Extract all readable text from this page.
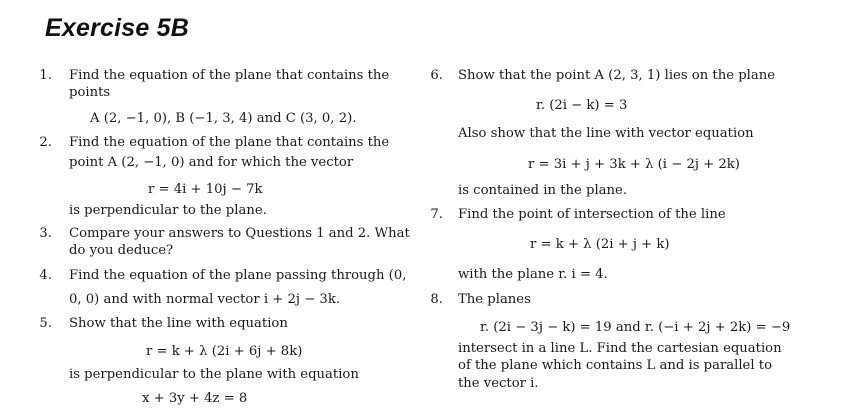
Exercise 5B
1. Find the equation of the plane that contains the
points
A (2, −1, 0), B (−1, 3, 4) and C (3, 0, 2).
2. Find the equation of the plane that contains the
point A (2, −1, 0) and for which the vector
r = 4i + 10j − 7k
is perpendicular to the plane.
3. Compare your answers to Questions 1 and 2. What
do you deduce?
4. Find the equation of the plane passing through (0,
0, 0) and with normal vector i + 2j − 3k.
5. Show that the line with equation
r = k + λ (2i + 6j + 8k)
is perpendicular to the plane with equation
x + 3y + 4z = 8
6. Show that the point A (2, 3, 1) lies on the plane
r. (2i − k) = 3
Also show that the line with vector equation
r = 3i + j + 3k + λ (i − 2j + 2k)
is contained in the plane.
7. Find the point of intersection of the line
r = k + λ (2i + j + k)
with the plane r. i = 4.
8. The planes
r. (2i − 3j − k) = 19 and r. (−i + 2j + 2k) = −9
intersect in a line L. Find the cartesian equation
of the plane which contains L and is parallel to
the vector i.
